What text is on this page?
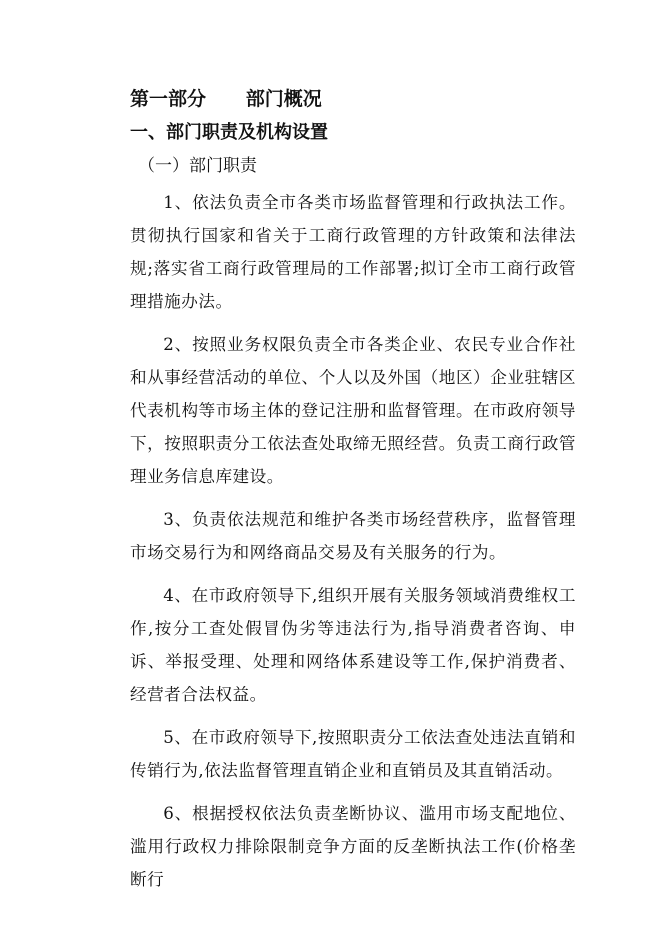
第一部分      部门概况
一、部门职责及机构设置
（一）部门职责

1、依法负责全市各类市场监督管理和行政执法工作。贯彻执行国家和省关于工商行政管理的方针政策和法律法规;落实省工商行政管理局的工作部署;拟订全市工商行政管理措施办法。

2、按照业务权限负责全市各类企业、农民专业合作社和从事经营活动的单位、个人以及外国（地区）企业驻辖区代表机构等市场主体的登记注册和监督管理。在市政府领导下，按照职责分工依法查处取缔无照经营。负责工商行政管理业务信息库建设。

3、负责依法规范和维护各类市场经营秩序，监督管理市场交易行为和网络商品交易及有关服务的行为。

4、在市政府领导下,组织开展有关服务领域消费维权工作,按分工查处假冒伪劣等违法行为,指导消费者咨询、申诉、举报受理、处理和网络体系建设等工作,保护消费者、经营者合法权益。

5、在市政府领导下,按照职责分工依法查处违法直销和传销行为,依法监督管理直销企业和直销员及其直销活动。

6、根据授权依法负责垄断协议、滥用市场支配地位、滥用行政权力排除限制竞争方面的反垄断执法工作(价格垄断行
